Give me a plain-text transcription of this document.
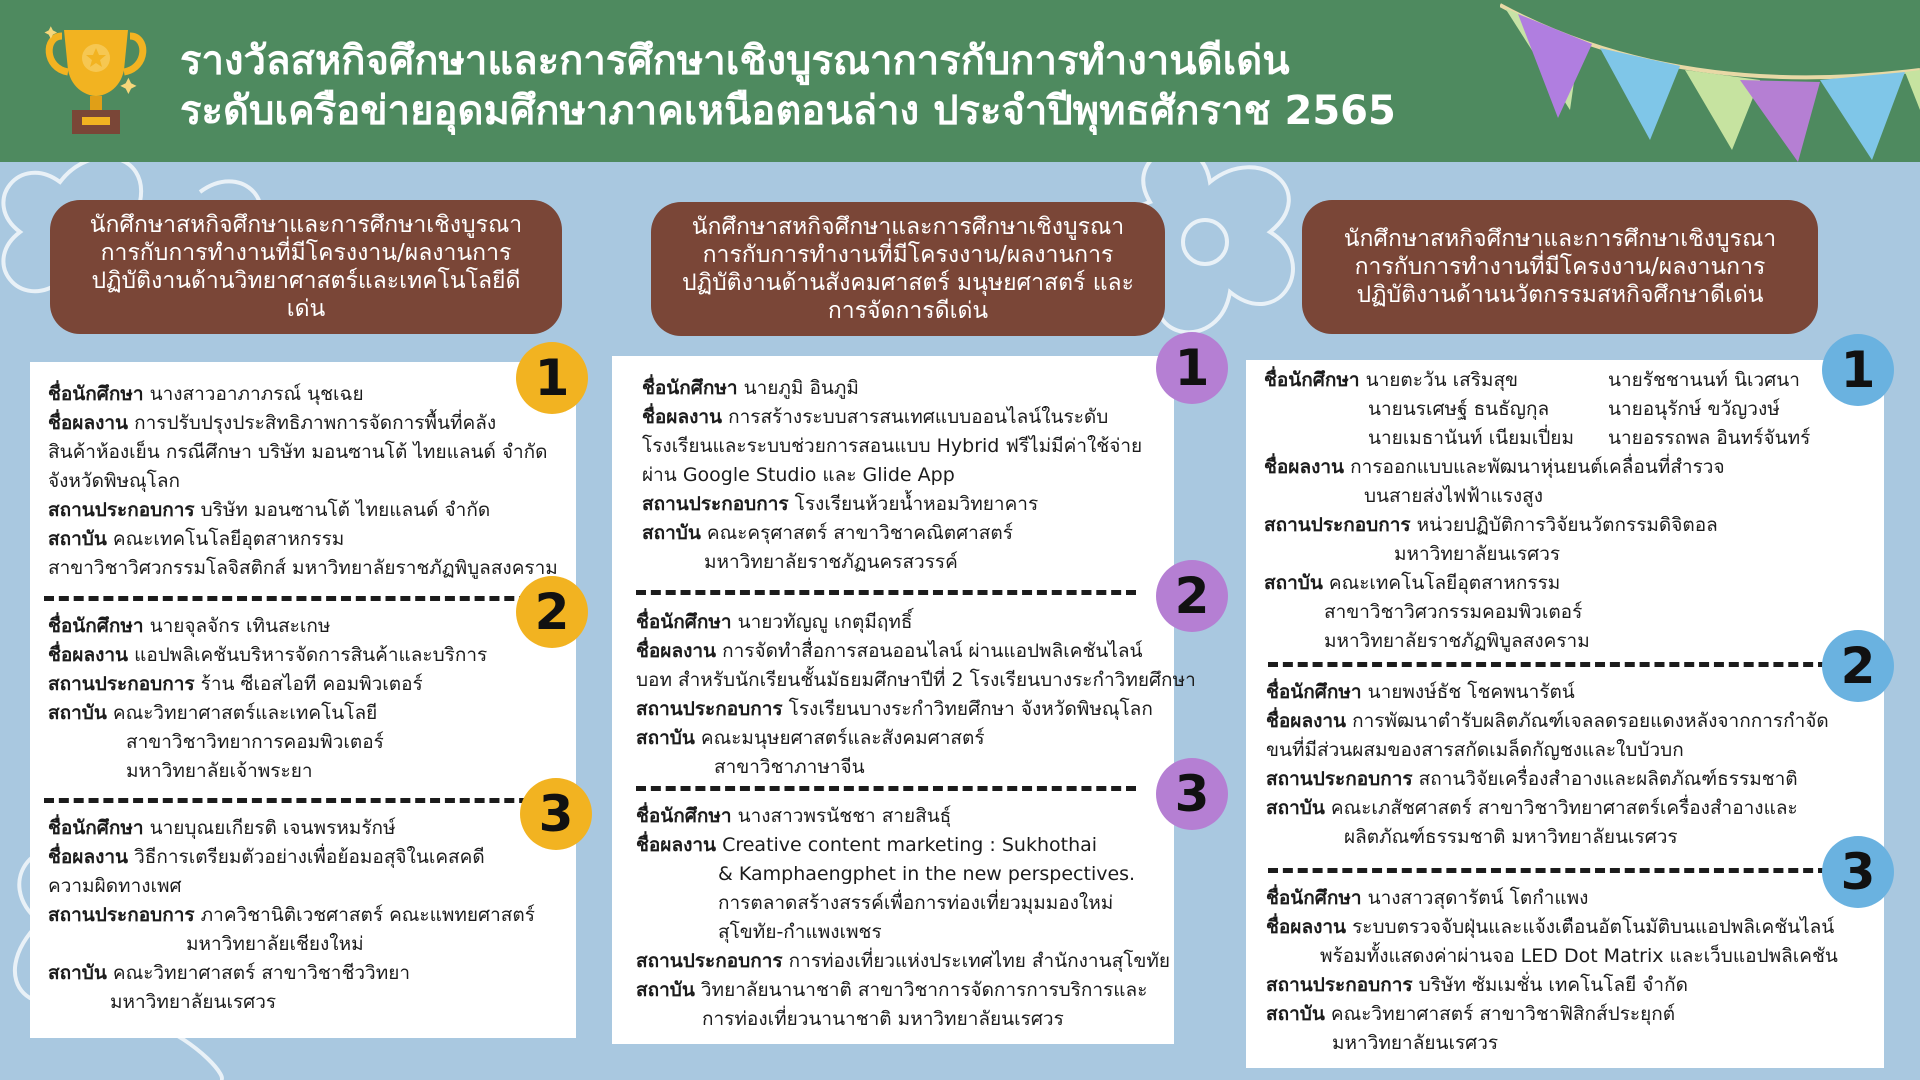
รางวัลสหกิจศึกษาและการศึกษาเชิงบูรณาการกับการทำงานดีเด่น
ระดับเครือข่ายอุดมศึกษาภาคเหนือตอนล่าง ประจำปีพุทธศักราช 2565
นักศึกษาสหกิจศึกษาและการศึกษาเชิงบูรณา
การกับการทำงานที่มีโครงงาน/ผลงานการ
ปฏิบัติงานด้านวิทยาศาสตร์และเทคโนโลยีดีเด่น
นักศึกษาสหกิจศึกษาและการศึกษาเชิงบูรณา
การกับการทำงานที่มีโครงงาน/ผลงานการ
ปฏิบัติงานด้านสังคมศาสตร์ มนุษยศาสตร์ และ
การจัดการดีเด่น
นักศึกษาสหกิจศึกษาและการศึกษาเชิงบูรณา
การกับการทำงานที่มีโครงงาน/ผลงานการ
ปฏิบัติงานด้านนวัตกรรมสหกิจศึกษาดีเด่น
ชื่อนักศึกษา นางสาวอาภาภรณ์ นุชเฉย
ชื่อผลงาน การปรับปรุงประสิทธิภาพการจัดการพื้นที่คลัง
สินค้าห้องเย็น กรณีศึกษา บริษัท มอนซานโต้ ไทยแลนด์ จำกัด
จังหวัดพิษณุโลก
สถานประกอบการ บริษัท มอนซานโต้ ไทยแลนด์ จำกัด
สถาบัน คณะเทคโนโลยีอุตสาหกรรม
สาขาวิชาวิศวกรรมโลจิสติกส์ มหาวิทยาลัยราชภัฏพิบูลสงคราม
ชื่อนักศึกษา นายจุลจักร เทินสะเกษ
ชื่อผลงาน แอปพลิเคชันบริหารจัดการสินค้าและบริการ
สถานประกอบการ ร้าน ซีเอสไอที คอมพิวเตอร์
สถาบัน คณะวิทยาศาสตร์และเทคโนโลยี
สาขาวิชาวิทยาการคอมพิวเตอร์
มหาวิทยาลัยเจ้าพระยา
ชื่อนักศึกษา นายบุณยเกียรติ เจนพรหมรักษ์
ชื่อผลงาน วิธีการเตรียมตัวอย่างเพื่อย้อมอสุจิในเคสคดี
ความผิดทางเพศ
สถานประกอบการ ภาควิชานิติเวชศาสตร์ คณะแพทยศาสตร์
มหาวิทยาลัยเชียงใหม่
สถาบัน คณะวิทยาศาสตร์ สาขาวิชาชีววิทยา
มหาวิทยาลัยนเรศวร
1
2
3
ชื่อนักศึกษา นายภูมิ อินภูมิ
ชื่อผลงาน การสร้างระบบสารสนเทศแบบออนไลน์ในระดับ
โรงเรียนและระบบช่วยการสอนแบบ Hybrid ฟรีไม่มีค่าใช้จ่าย
ผ่าน Google Studio และ Glide App
สถานประกอบการ โรงเรียนห้วยน้ำหอมวิทยาคาร
สถาบัน คณะครุศาสตร์ สาขาวิชาคณิตศาสตร์
มหาวิทยาลัยราชภัฏนครสวรรค์
ชื่อนักศึกษา นายวทัญญู เกตุมีฤทธิ์
ชื่อผลงาน การจัดทำสื่อการสอนออนไลน์ ผ่านแอปพลิเคชันไลน์
บอท สำหรับนักเรียนชั้นมัธยมศึกษาปีที่ 2 โรงเรียนบางระกำวิทยศึกษา
สถานประกอบการ โรงเรียนบางระกำวิทยศึกษา จังหวัดพิษณุโลก
สถาบัน คณะมนุษยศาสตร์และสังคมศาสตร์
สาขาวิชาภาษาจีน
ชื่อนักศึกษา นางสาวพรนัชชา สายสินธุ์
ชื่อผลงาน Creative content marketing : Sukhothai
& Kamphaengphet in the new perspectives.
การตลาดสร้างสรรค์เพื่อการท่องเที่ยวมุมมองใหม่
สุโขทัย-กำแพงเพชร
สถานประกอบการ การท่องเที่ยวแห่งประเทศไทย สำนักงานสุโขทัย
สถาบัน วิทยาลัยนานาชาติ สาขาวิชาการจัดการการบริการและ
การท่องเที่ยวนานาชาติ มหาวิทยาลัยนเรศวร
1
2
3
ชื่อนักศึกษา นายตะวัน เสริมสุข
นายนรเศษฐ์ ธนธัญกุล
นายเมธานันท์ เนียมเปี่ยม
ชื่อผลงาน การออกแบบและพัฒนาหุ่นยนต์เคลื่อนที่สำรวจ
บนสายส่งไฟฟ้าแรงสูง
สถานประกอบการ หน่วยปฏิบัติการวิจัยนวัตกรรมดิจิตอล
มหาวิทยาลัยนเรศวร
สถาบัน คณะเทคโนโลยีอุตสาหกรรม
สาขาวิชาวิศวกรรมคอมพิวเตอร์
มหาวิทยาลัยราชภัฏพิบูลสงคราม
นายรัชชานนท์ นิเวศนา
นายอนุรักษ์ ขวัญวงษ์
นายอรรถพล อินทร์จันทร์
ชื่อนักศึกษา นายพงษ์ธัช โชคพนารัตน์
ชื่อผลงาน การพัฒนาตำรับผลิตภัณฑ์เจลลดรอยแดงหลังจากการกำจัด
ขนที่มีส่วนผสมของสารสกัดเมล็ดกัญชงและใบบัวบก
สถานประกอบการ สถานวิจัยเครื่องสำอางและผลิตภัณฑ์ธรรมชาติ
สถาบัน คณะเภสัชศาสตร์ สาขาวิชาวิทยาศาสตร์เครื่องสำอางและ
ผลิตภัณฑ์ธรรมชาติ มหาวิทยาลัยนเรศวร
ชื่อนักศึกษา นางสาวสุดารัตน์ โตกำแพง
ชื่อผลงาน ระบบตรวจจับฝุ่นและแจ้งเตือนอัตโนมัติบนแอปพลิเคชันไลน์
พร้อมทั้งแสดงค่าผ่านจอ LED Dot Matrix และเว็บแอปพลิเคชัน
สถานประกอบการ บริษัท ซัมเมชั่น เทคโนโลยี จำกัด
สถาบัน คณะวิทยาศาสตร์ สาขาวิชาฟิสิกส์ประยุกต์
มหาวิทยาลัยนเรศวร
1
2
3
